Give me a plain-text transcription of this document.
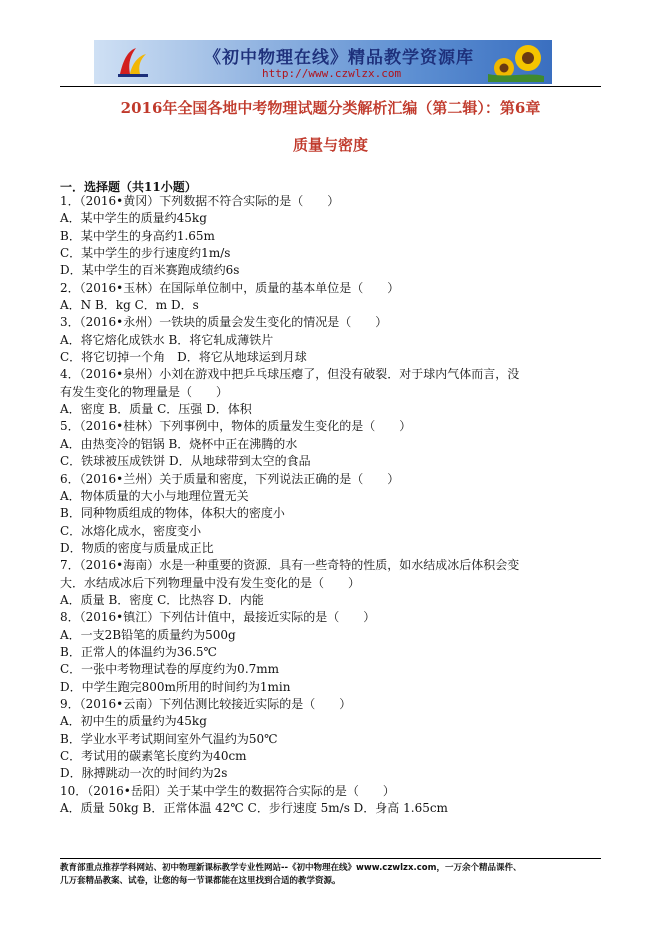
《初中物理在线》精品教学资源库
http://www.czwlzx.com
2016年全国各地中考物理试题分类解析汇编（第二辑）：第6章
质量与密度
一．选择题（共11小题）
1．（2016•黄冈）下列数据不符合实际的是（　　）
A．某中学生的质量约45kg
B．某中学生的身高约1.65m
C．某中学生的步行速度约1m/s
D．某中学生的百米赛跑成绩约6s
2．（2016•玉林）在国际单位制中，质量的基本单位是（　　）
A．N B．kg C．m D．s
3．（2016•永州）一铁块的质量会发生变化的情况是（　　）
A．将它熔化成铁水 B．将它轧成薄铁片
C．将它切掉一个角　D．将它从地球运到月球
4．（2016•泉州）小刘在游戏中把乒乓球压瘪了，但没有破裂．对于球内气体而言，没
有发生变化的物理量是（　　）
A．密度 B．质量 C．压强 D．体积
5．（2016•桂林）下列事例中，物体的质量发生变化的是（　　）
A．由热变冷的铝锅 B．烧杯中正在沸腾的水
C．铁球被压成铁饼 D．从地球带到太空的食品
6．（2016•兰州）关于质量和密度，下列说法正确的是（　　）
A．物体质量的大小与地理位置无关
B．同种物质组成的物体，体积大的密度小
C．冰熔化成水，密度变小
D．物质的密度与质量成正比
7．（2016•海南）水是一种重要的资源．具有一些奇特的性质，如水结成冰后体积会变
大．水结成冰后下列物理量中没有发生变化的是（　　）
A．质量 B．密度 C．比热容 D．内能
8．（2016•镇江）下列估计值中，最接近实际的是（　　）
A．一支2B铅笔的质量约为500g
B．正常人的体温约为36.5℃
C．一张中考物理试卷的厚度约为0.7mm
D．中学生跑完800m所用的时间约为1min
9．（2016•云南）下列估测比较接近实际的是（　　）
A．初中生的质量约为45kg
B．学业水平考试期间室外气温约为50℃
C．考试用的碳素笔长度约为40cm
D．脉搏跳动一次的时间约为2s
10．（2016•岳阳）关于某中学生的数据符合实际的是（　　）
A．质量 50kg B．正常体温 42℃ C．步行速度 5m/s D．身高 1.65cm
教育部重点推荐学科网站、初中物理新课标教学专业性网站--《初中物理在线》www.czwlzx.com，一万余个精品课件、
几万套精品教案、试卷，让您的每一节课都能在这里找到合适的教学资源。
